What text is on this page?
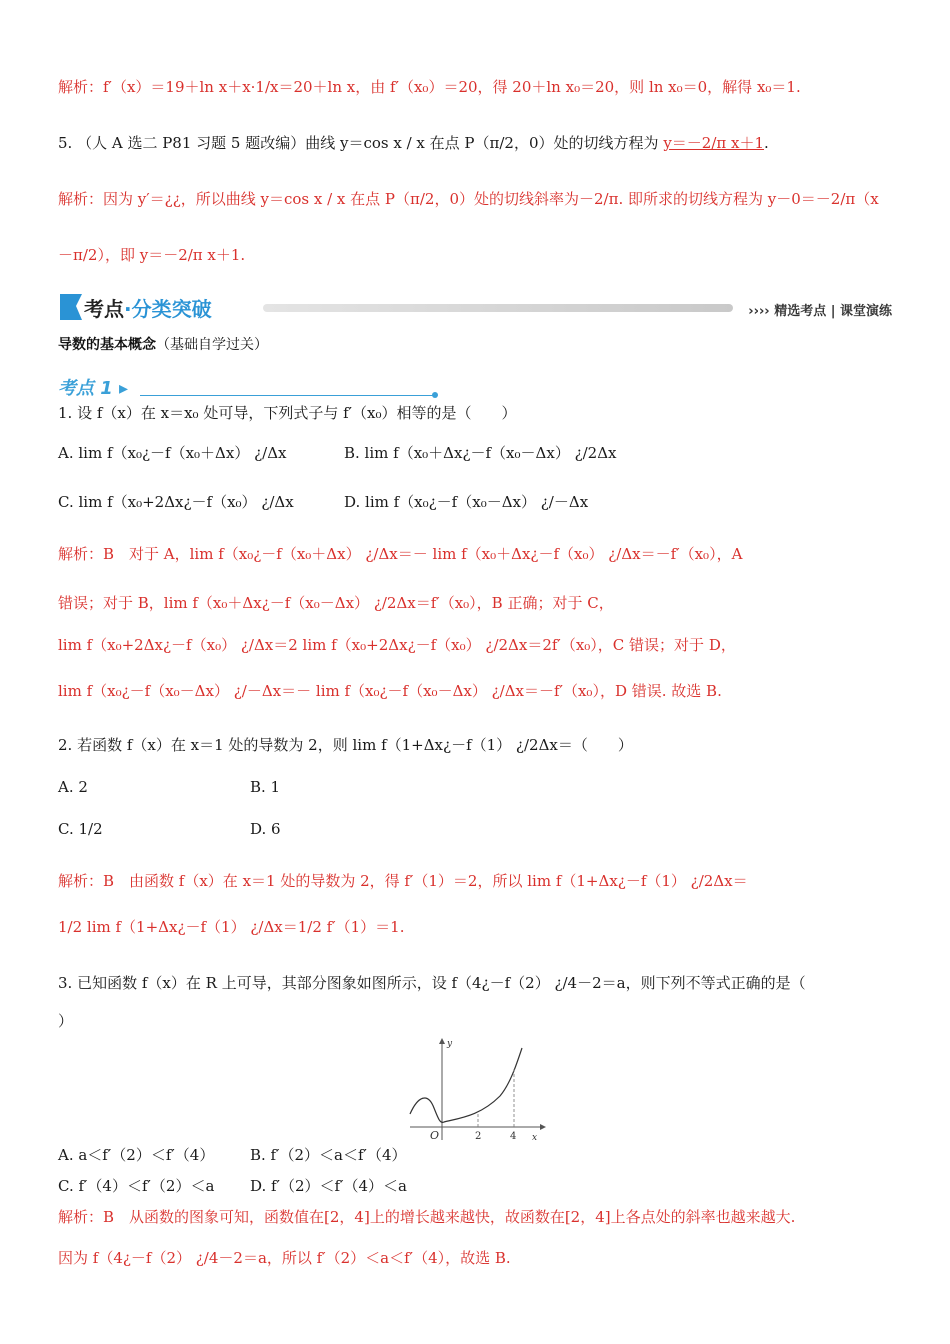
解析：f′（x）＝19＋ln x＋x·1/x＝20＋ln x，由 f′（x₀）＝20，得 20＋ln x₀＝20，则 ln x₀＝0，解得 x₀＝1.
5. （人 A 选二 P81 习题 5 题改编）曲线 y＝cos x / x 在点 P（π/2，0）处的切线方程为 y＝－2/π x＋1.
解析：因为 y′＝¿¿，所以曲线 y＝cos x / x 在点 P（π/2，0）处的切线斜率为－2/π. 即所求的切线方程为 y－0＝－2/π（x
－π/2），即 y＝－2/π x＋1.
考点·分类突破	›››› 精选考点 | 课堂演练
导数的基本概念（基础自学过关）
考点 1 ▸
1. 设 f（x）在 x＝x₀ 处可导，下列式子与 f′（x₀）相等的是（　　）
A. lim f（x₀¿－f（x₀＋Δx） ¿/Δx	B. lim f（x₀＋Δx¿－f（x₀－Δx） ¿/2Δx
C. lim f（x₀+2Δx¿－f（x₀） ¿/Δx	D. lim f（x₀¿－f（x₀－Δx） ¿/－Δx
解析：B　对于 A，lim f（x₀¿－f（x₀＋Δx） ¿/Δx＝－ lim f（x₀＋Δx¿－f（x₀） ¿/Δx＝－f′（x₀），A
错误；对于 B，lim f（x₀＋Δx¿－f（x₀－Δx） ¿/2Δx＝f′（x₀），B 正确；对于 C，
lim f（x₀+2Δx¿－f（x₀） ¿/Δx＝2 lim f（x₀+2Δx¿－f（x₀） ¿/2Δx＝2f′（x₀），C 错误；对于 D，
lim f（x₀¿－f（x₀－Δx） ¿/－Δx＝－ lim f（x₀¿－f（x₀－Δx） ¿/Δx＝－f′（x₀），D 错误. 故选 B.
2. 若函数 f（x）在 x＝1 处的导数为 2，则 lim f（1+Δx¿－f（1） ¿/2Δx＝（　　）
A. 2	B. 1
C. 1/2	D. 6
解析：B　由函数 f（x）在 x＝1 处的导数为 2，得 f′（1）＝2，所以 lim f（1+Δx¿－f（1） ¿/2Δx＝
1/2 lim f（1+Δx¿－f（1） ¿/Δx＝1/2 f′（1）＝1.
3. 已知函数 f（x）在 R 上可导，其部分图象如图所示，设 f（4¿－f（2） ¿/4－2＝a，则下列不等式正确的是（
）
y
x
O	2	4
A. a＜f′（2）＜f′（4）	B. f′（2）＜a＜f′（4）
C. f′（4）＜f′（2）＜a	D. f′（2）＜f′（4）＜a
解析：B　从函数的图象可知，函数值在[2，4]上的增长越来越快，故函数在[2，4]上各点处的斜率也越来越大.
因为 f（4¿－f（2） ¿/4－2＝a，所以 f′（2）＜a＜f′（4），故选 B.
